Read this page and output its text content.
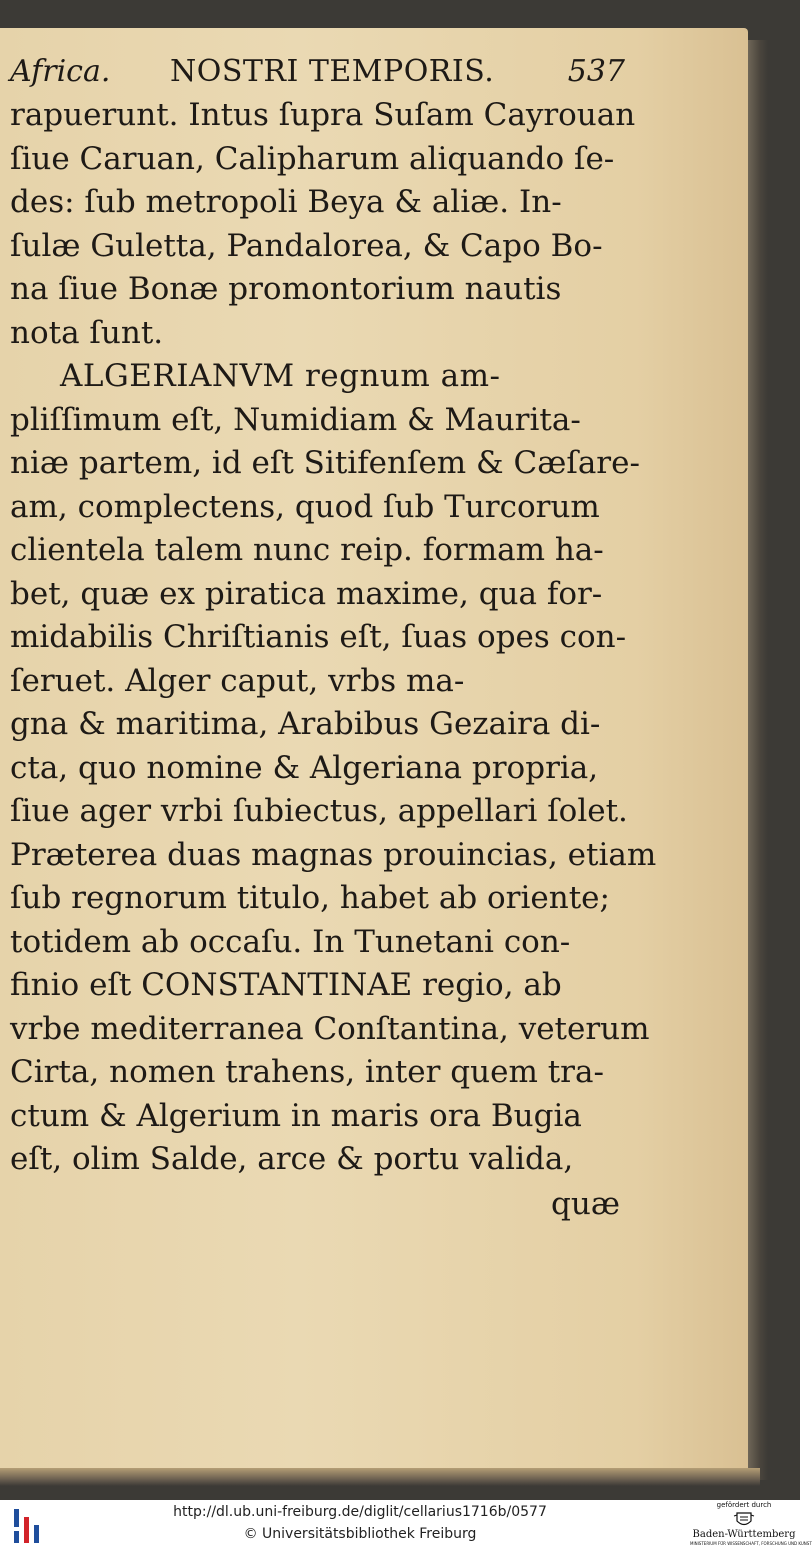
Africa.	NOSTRI TEMPORIS.	537
rapuerunt. Intus ſupra Suſam Cayrouan
ſiue Caruan, Calipharum aliquando ſe-
des: ſub metropoli Beya & aliæ. In-
ſulæ Guletta, Pandalorea, & Capo Bo-
na ſiue Bonæ promontorium nautis
nota ſunt.
ALGERIANVM regnum am-
pliſſimum eſt, Numidiam & Maurita-
niæ partem, id eſt Sitifenſem & Cæſare-
am, complectens, quod ſub Turcorum
clientela talem nunc reip. formam ha-
bet, quæ ex piratica maxime, qua for-
midabilis Chriſtianis eſt, ſuas opes con-
ſeruet. Alger caput, vrbs ma-
gna & maritima, Arabibus Gezaira di-
cta, quo nomine & Algeriana propria,
ſiue ager vrbi ſubiectus, appellari ſolet.
Præterea duas magnas prouincias, etiam
ſub regnorum titulo, habet ab oriente;
totidem ab occaſu. In Tunetani con-
finio eſt CONSTANTINAE regio, ab
vrbe mediterranea Conſtantina, veterum
Cirta, nomen trahens, inter quem tra-
ctum & Algerium in maris ora Bugia
eſt, olim Salde, arce & portu valida,
quæ
http://dl.ub.uni-freiburg.de/diglit/cellarius1716b/0577
© Universitätsbibliothek Freiburg
gefördert durch
Baden-Württemberg
MINISTERIUM FÜR WISSENSCHAFT, FORSCHUNG UND KUNST
